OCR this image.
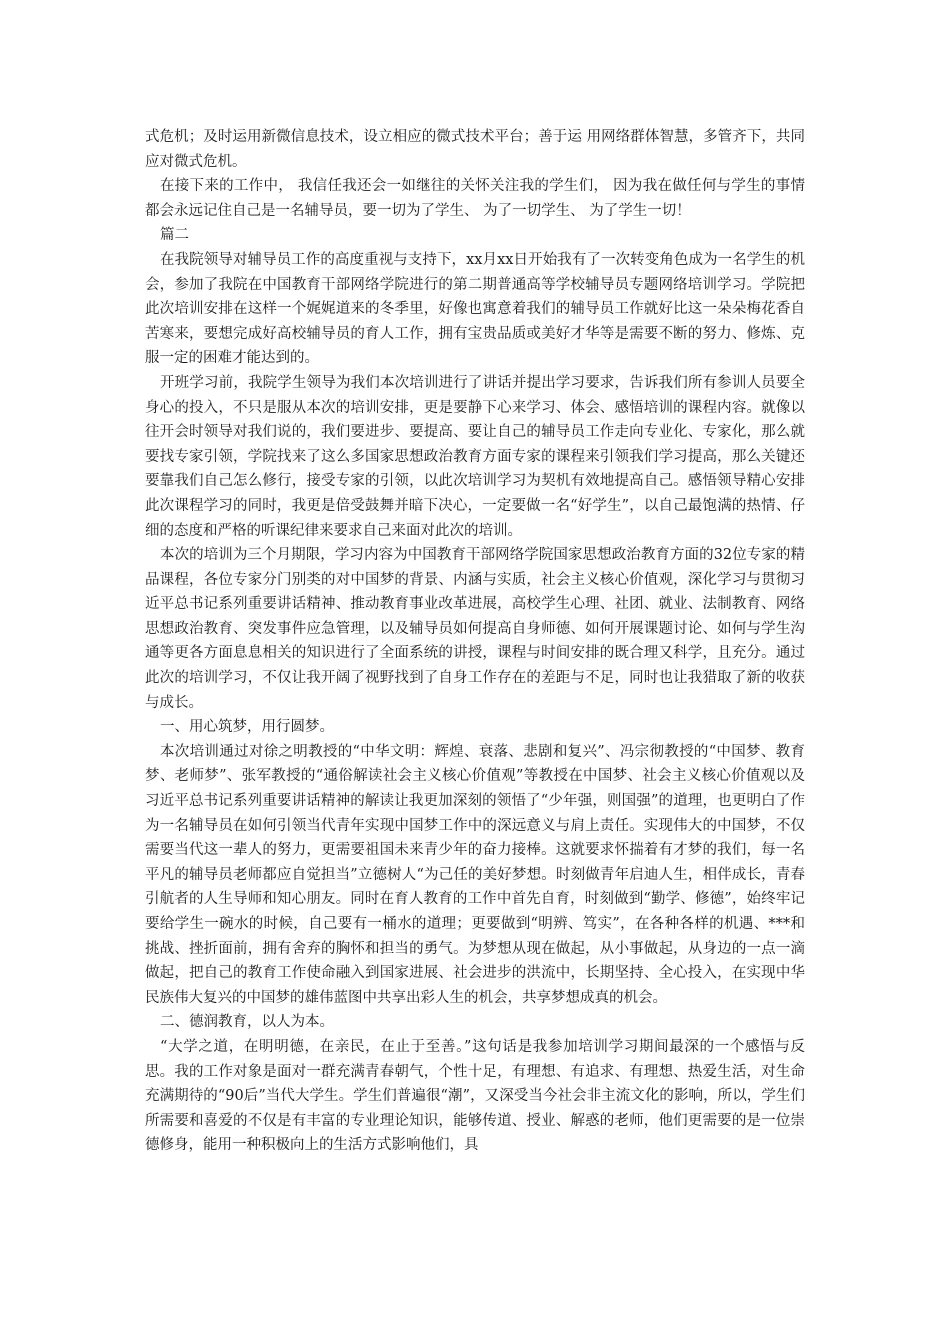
式危机；及时运用新微信息技术，设立相应的微式技术平台；善于运 用网络群体智慧，多管齐下，共同应对微式危机。

在接下来的工作中， 我信任我还会一如继往的关怀关注我的学生们， 因为我在做任何与学生的事情都会永远记住自己是一名辅导员，要一切为了学生、 为了一切学生、 为了学生一切！

篇二

在我院领导对辅导员工作的高度重视与支持下，xx月xx日开始我有了一次转变角色成为一名学生的机会，参加了我院在中国教育干部网络学院进行的第二期普通高等学校辅导员专题网络培训学习。学院把此次培训安排在这样一个娓娓道来的冬季里，好像也寓意着我们的辅导员工作就好比这一朵朵梅花香自苦寒来，要想完成好高校辅导员的育人工作，拥有宝贵品质或美好才华等是需要不断的努力、修炼、克服一定的困难才能达到的。

开班学习前，我院学生领导为我们本次培训进行了讲话并提出学习要求，告诉我们所有参训人员要全身心的投入，不只是服从本次的培训安排，更是要静下心来学习、体会、感悟培训的课程内容。就像以往开会时领导对我们说的，我们要进步、要提高、要让自己的辅导员工作走向专业化、专家化，那么就要找专家引领，学院找来了这么多国家思想政治教育方面专家的课程来引领我们学习提高，那么关键还要靠我们自己怎么修行，接受专家的引领，以此次培训学习为契机有效地提高自己。感悟领导精心安排此次课程学习的同时，我更是倍受鼓舞并暗下决心，一定要做一名“好学生”，以自己最饱满的热情、仔细的态度和严格的听课纪律来要求自己来面对此次的培训。

本次的培训为三个月期限，学习内容为中国教育干部网络学院国家思想政治教育方面的32位专家的精品课程，各位专家分门别类的对中国梦的背景、内涵与实质，社会主义核心价值观，深化学习与贯彻习近平总书记系列重要讲话精神、推动教育事业改革进展，高校学生心理、社团、就业、法制教育、网络思想政治教育、突发事件应急管理，以及辅导员如何提高自身师德、如何开展课题讨论、如何与学生沟通等更各方面息息相关的知识进行了全面系统的讲授，课程与时间安排的既合理又科学，且充分。通过此次的培训学习，不仅让我开阔了视野找到了自身工作存在的差距与不足，同时也让我猎取了新的收获与成长。

一、用心筑梦，用行圆梦。

本次培训通过对徐之明教授的“中华文明：辉煌、衰落、悲剧和复兴”、冯宗彻教授的“中国梦、教育梦、老师梦”、张军教授的“通俗解读社会主义核心价值观”等教授在中国梦、社会主义核心价值观以及习近平总书记系列重要讲话精神的解读让我更加深刻的领悟了“少年强，则国强”的道理，也更明白了作为一名辅导员在如何引领当代青年实现中国梦工作中的深远意义与肩上责任。实现伟大的中国梦，不仅需要当代这一辈人的努力，更需要祖国未来青少年的奋力接棒。这就要求怀揣着有才梦的我们，每一名平凡的辅导员老师都应自觉担当”立德树人“为己任的美好梦想。时刻做青年启迪人生，相伴成长，青春引航者的人生导师和知心朋友。同时在育人教育的工作中首先自育，时刻做到“勤学、修德”，始终牢记要给学生一碗水的时候，自己要有一桶水的道理；更要做到“明辨、笃实”，在各种各样的机遇、***和挑战、挫折面前，拥有舍弃的胸怀和担当的勇气。为梦想从现在做起，从小事做起，从身边的一点一滴做起，把自己的教育工作使命融入到国家进展、社会进步的洪流中，长期坚持、全心投入，在实现中华民族伟大复兴的中国梦的雄伟蓝图中共享出彩人生的机会，共享梦想成真的机会。

二、德润教育，以人为本。

“大学之道，在明明德，在亲民，在止于至善。”这句话是我参加培训学习期间最深的一个感悟与反思。我的工作对象是面对一群充满青春朝气，个性十足，有理想、有追求、有理想、热爱生活，对生命充满期待的“90后”当代大学生。学生们普遍很“潮”，又深受当今社会非主流文化的影响，所以，学生们所需要和喜爱的不仅是有丰富的专业理论知识，能够传道、授业、解惑的老师，他们更需要的是一位崇德修身，能用一种积极向上的生活方式影响他们，具
